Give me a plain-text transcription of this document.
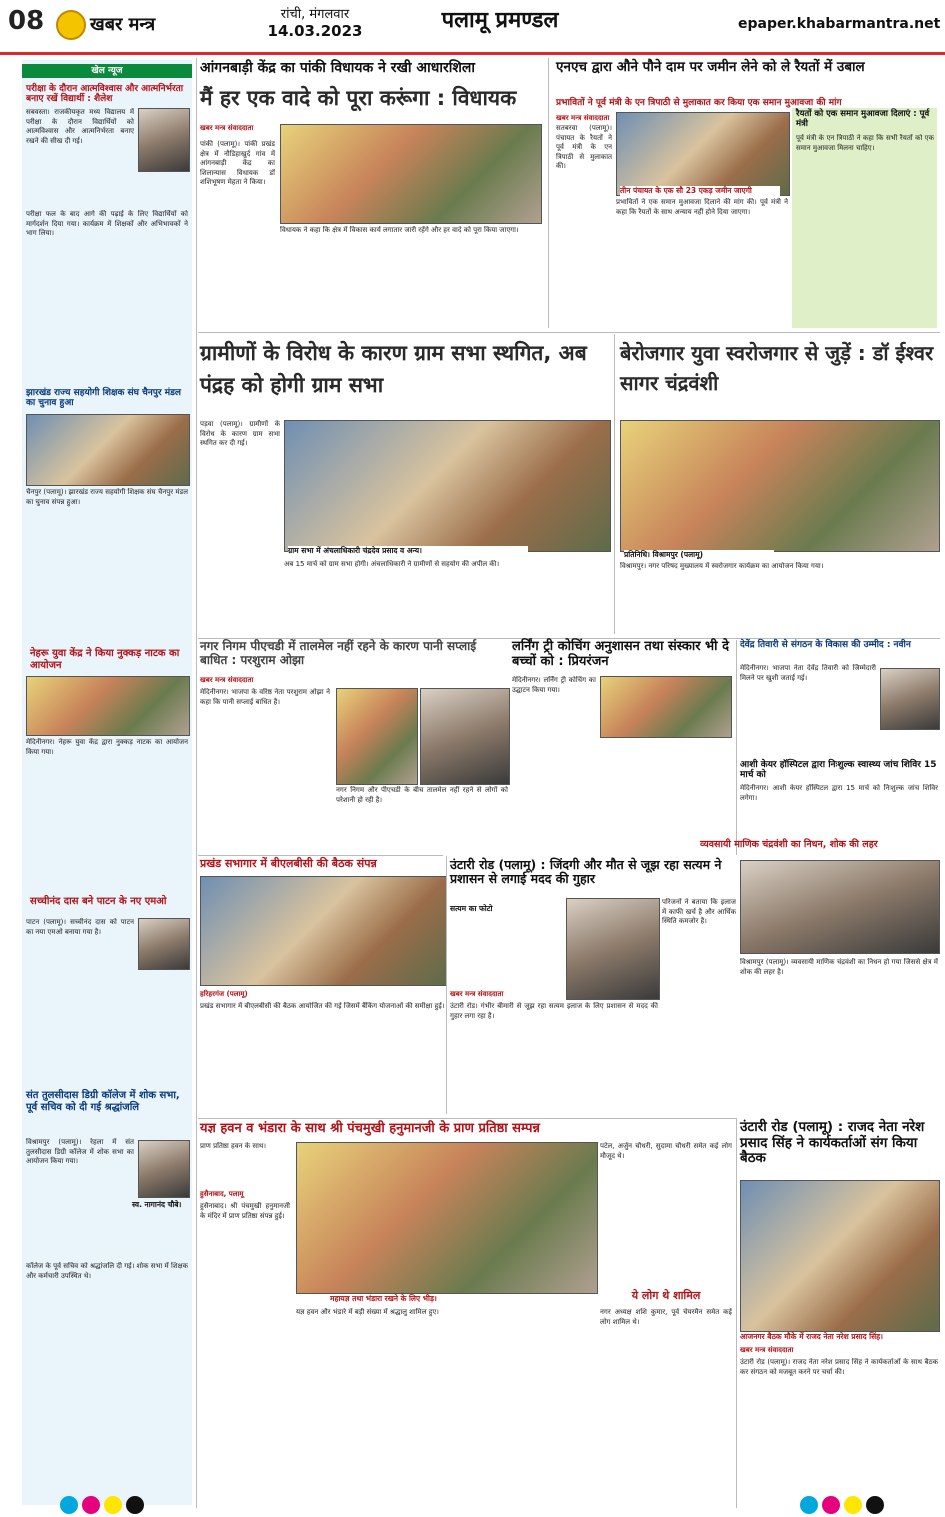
08	खबर मन्त्र	रांची, मंगलवार
14.03.2023	पलामू प्रमण्डल	epaper.khabarmantra.net
खेल न्यूज
परीक्षा के दौरान आत्मविश्वास और आत्मनिर्भरता बनाए रखें विद्यार्थी : शैलेश
सबवस्ता। राजकीयकृत मध्य विद्यालय में परीक्षा के दौरान विद्यार्थियों को आत्मविश्वास और आत्मनिर्भरता बनाए रखने की सीख दी गई।
परीक्षा फल के बाद आगे की पढ़ाई के लिए विद्यार्थियों को मार्गदर्शन दिया गया। कार्यक्रम में शिक्षकों और अभिभावकों ने भाग लिया।
झारखंड राज्य सहयोगी शिक्षक संघ चैनपुर मंडल का चुनाव हुआ
चैनपुर (पलामू)। झारखंड राज्य सहयोगी शिक्षक संघ चैनपुर मंडल का चुनाव संपन्न हुआ।
नेहरू युवा केंद्र ने किया नुक्कड़ नाटक का आयोजन
मेदिनीनगर। नेहरू युवा केंद्र द्वारा नुक्कड़ नाटक का आयोजन किया गया।
सच्चीनंद दास बने पाटन के नए एमओ
पाटन (पलामू)। सच्चीनंद दास को पाटन का नया एमओ बनाया गया है।
संत तुलसीदास डिग्री कॉलेज में शोक सभा, पूर्व सचिव को दी गई श्रद्धांजलि
विश्रामपुर (पलामू)। रेहला में संत तुलसीदास डिग्री कॉलेज में शोक सभा का आयोजन किया गया।
स्व. नागानंद चौबे।
कॉलेज के पूर्व सचिव को श्रद्धांजलि दी गई। शोक सभा में शिक्षक और कर्मचारी उपस्थित थे।
आंगनबाड़ी केंद्र का पांकी विधायक ने रखी आधारशिला
मैं हर एक वादे को पूरा करूंगा : विधायक
खबर मन्त्र संवाददाता
पांकी (पलामू)। पांकी प्रखंड क्षेत्र में नौडिहाखुर्द गांव में आंगनबाड़ी केंद्र का शिलान्यास विधायक डॉ शशिभूषण मेहता ने किया।
विधायक ने कहा कि क्षेत्र में विकास कार्य लगातार जारी रहेंगे और हर वादे को पूरा किया जाएगा।
एनएच द्वारा औने पौने दाम पर जमीन लेने को ले रैयतों में उबाल
प्रभावितों ने पूर्व मंत्री के एन त्रिपाठी से मुलाकात कर किया एक समान मुआवजा की मांग
खबर मन्त्र संवाददाता
सतबरवा (पलामू)। पंचायत के रैयतों ने पूर्व मंत्री के एन त्रिपाठी से मुलाकात की।
तीन पंचायत के एक सौ 23 एकड़ जमीन जाएगी
प्रभावितों ने एक समान मुआवजा दिलाने की मांग की। पूर्व मंत्री ने कहा कि रैयतों के साथ अन्याय नहीं होने दिया जाएगा।
रैयतों को एक समान मुआवजा दिलाएं : पूर्व मंत्री
पूर्व मंत्री के एन त्रिपाठी ने कहा कि सभी रैयतों को एक समान मुआवजा मिलना चाहिए।
ग्रामीणों के विरोध के कारण ग्राम सभा स्थगित, अब पंद्रह को होगी ग्राम सभा
पड़वा (पलामू)। ग्रामीणों के विरोध के कारण ग्राम सभा स्थगित कर दी गई।
ग्राम सभा में अंचलाधिकारी चंद्रदेव प्रसाद व अन्य।
अब 15 मार्च को ग्राम सभा होगी। अंचलाधिकारी ने ग्रामीणों से सहयोग की अपील की।
बेरोजगार युवा स्वरोजगार से जुड़ें : डॉ ईश्वर सागर चंद्रवंशी
प्रतिनिधि। विश्रामपुर (पलामू)
विश्रामपुर। नगर परिषद मुख्यालय में स्वरोजगार कार्यक्रम का आयोजन किया गया।
नगर निगम पीएचडी में तालमेल नहीं रहने के कारण पानी सप्लाई बाधित : परशुराम ओझा
खबर मन्त्र संवाददाता
मेदिनीनगर। भाजपा के वरिष्ठ नेता परशुराम ओझा ने कहा कि पानी सप्लाई बाधित है।
नगर निगम और पीएचडी के बीच तालमेल नहीं रहने से लोगों को परेशानी हो रही है।
लर्निंग ट्री कोचिंग अनुशासन तथा संस्कार भी दे बच्चों को : प्रियरंजन
मेदिनीनगर। लर्निंग ट्री कोचिंग का उद्घाटन किया गया।
देवेंद्र तिवारी से संगठन के विकास की उम्मीद : नवीन
मेदिनीनगर। भाजपा नेता देवेंद्र तिवारी को जिम्मेदारी मिलने पर खुशी जताई गई।
आशी केयर हॉस्पिटल द्वारा निःशुल्क स्वास्थ्य जांच शिविर 15 मार्च को
मेदिनीनगर। आशी केयर हॉस्पिटल द्वारा 15 मार्च को निःशुल्क जांच शिविर लगेगा।
व्यवसायी माणिक चंद्रवंशी का निधन, शोक की लहर
प्रखंड सभागार में बीएलबीसी की बैठक संपन्न
हरिहरगंज (पलामू)
प्रखंड सभागार में बीएलबीसी की बैठक आयोजित की गई जिसमें बैंकिंग योजनाओं की समीक्षा हुई।
उंटारी रोड (पलामू) : जिंदगी और मौत से जूझ रहा सत्यम ने प्रशासन से लगाई मदद की गुहार
सत्यम का फोटो
खबर मन्त्र संवाददाता
उंटारी रोड। गंभीर बीमारी से जूझ रहा सत्यम इलाज के लिए प्रशासन से मदद की गुहार लगा रहा है।
परिजनों ने बताया कि इलाज में काफी खर्च है और आर्थिक स्थिति कमजोर है।
विश्रामपुर (पलामू)। व्यवसायी माणिक चंद्रवंशी का निधन हो गया जिससे क्षेत्र में शोक की लहर है।
यज्ञ हवन व भंडारा के साथ श्री पंचमुखी हनुमानजी के प्राण प्रतिष्ठा सम्पन्न
प्राण प्रतिष्ठा हवन के साथ।
महायज्ञ तथा भंडारा रखने के लिए भीड़।
हुसैनाबाद, पलामू
हुसैनाबाद। श्री पंचमुखी हनुमानजी के मंदिर में प्राण प्रतिष्ठा संपन्न हुई।
यज्ञ हवन और भंडारे में बड़ी संख्या में श्रद्धालु शामिल हुए।
पटेल, अर्जुन चौधरी, सुदामा चौधरी समेत कई लोग मौजूद थे।
ये लोग थे शामिल
नगर अध्यक्ष शशि कुमार, पूर्व चेयरमैन समेत कई लोग शामिल थे।
उंटारी रोड (पलामू) : राजद नेता नरेश प्रसाद सिंह ने कार्यकर्ताओं संग किया बैठक
आजनगर बैठक मौके में राजद नेता नरेश प्रसाद सिंह।
खबर मन्त्र संवाददाता
उंटारी रोड (पलामू)। राजद नेता नरेश प्रसाद सिंह ने कार्यकर्ताओं के साथ बैठक कर संगठन को मजबूत करने पर चर्चा की।
